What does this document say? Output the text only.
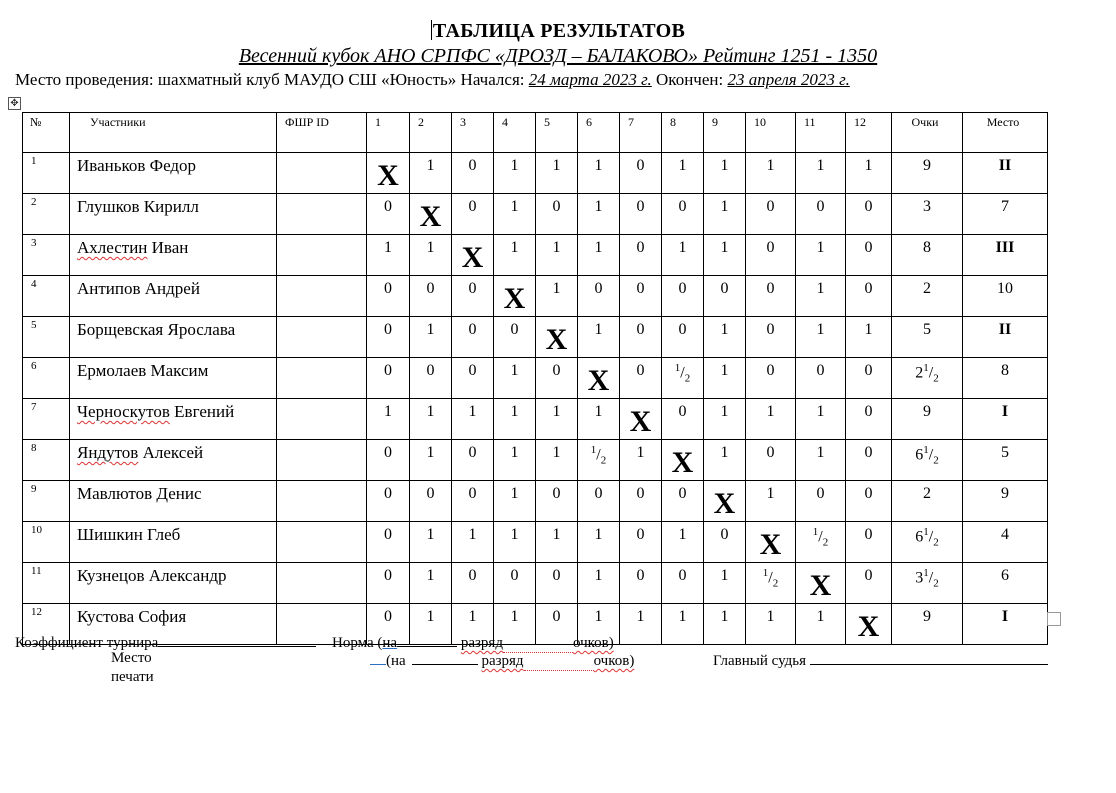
ТАБЛИЦА РЕЗУЛЬТАТОВ
Весенний кубок АНО СРПФС «ДРОЗД – БАЛАКОВО» Рейтинг 1251 - 1350
Место проведения: шахматный клуб МАУДО СШ «Юность» Начался: 24 марта 2023 г. Окончен: 23 апреля 2023 г.
✥
№	Участники	ФШР ID	1	2	3	4	5	6	7	8	9	10	11	12	Очки	Место
1	Иваньков Федор		X	1	0	1	1	1	0	1	1	1	1	1	9	II

2	Глушков Кирилл		0	X	0	1	0	1	0	0	1	0	0	0	3	7

3	Ахлестин Иван		1	1	X	1	1	1	0	1	1	0	1	0	8	III

4	Антипов Андрей		0	0	0	X	1	0	0	0	0	0	1	0	2	10

5	Борщевская Ярослава		0	1	0	0	X	1	0	0	1	0	1	1	5	II

6	Ермолаев Максим		0	0	0	1	0	X	0	$^1/_2$	1	0	0	0	$2^1/_2$	8

7	Черноскутов Евгений		1	1	1	1	1	1	X	0	1	1	1	0	9	I

8	Яндутов Алексей		0	1	0	1	1	$^1/_2$	1	X	1	0	1	0	$6^1/_2$	5

9	Мавлютов Денис		0	0	0	1	0	0	0	0	X	1	0	0	2	9

10	Шишкин Глеб		0	1	1	1	1	1	0	1	0	X	$^1/_2$	0	$6^1/_2$	4

11	Кузнецов Александр		0	1	0	0	0	1	0	0	1	$^1/_2$	X	0	$3^1/_2$	6

12	Кустова София		0	1	1	1	0	1	1	1	1	1	1	X	9	I
Коэффициент турнира	Норма (на	разряд	очков)
Место
печати
(на	разряд	очков)	Главный судья
